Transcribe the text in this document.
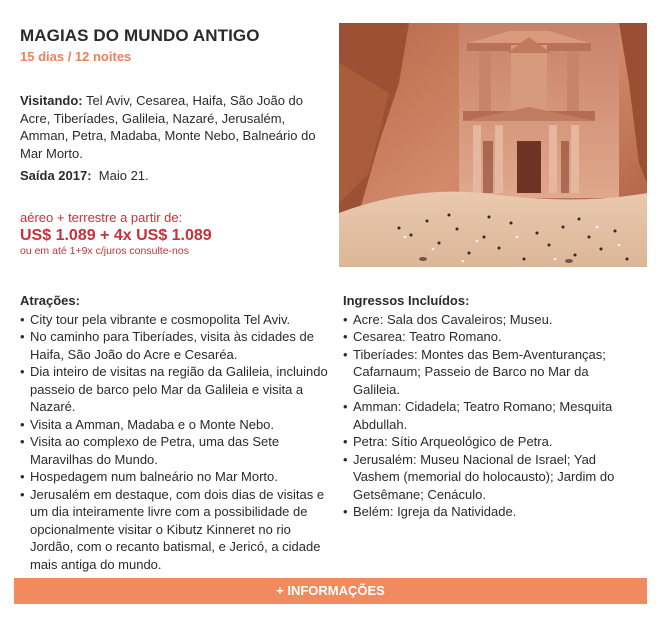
MAGIAS DO MUNDO ANTIGO
15 dias / 12 noites
Visitando: Tel Aviv, Cesarea, Haifa, São João do Acre, Tiberíades, Galileia, Nazaré, Jerusalém, Amman, Petra, Madaba, Monte Nebo, Balneário do Mar Morto.
Saída 2017: Maio 21.
aéreo + terrestre a partir de:
US$ 1.089 + 4x US$ 1.089
ou em até 1+9x c/juros consulte-nos
Atrações:
• City tour pela vibrante e cosmopolita Tel Aviv.
• No caminho para Tiberíades, visita às cidades de Haifa, São João do Acre e Cesaréa.
• Dia inteiro de visitas na região da Galileia, incluindo passeio de barco pelo Mar da Galileia e visita a Nazaré.
• Visita a Amman, Madaba e o Monte Nebo.
• Visita ao complexo de Petra, uma das Sete Maravilhas do Mundo.
• Hospedagem num balneário no Mar Morto.
• Jerusalém em destaque, com dois dias de visitas e um dia inteiramente livre com a possibilidade de opcionalmente visitar o Kibutz Kinneret no rio Jordão, com o recanto batismal, e Jericó, a cidade mais antiga do mundo.
Ingressos Incluídos:
• Acre: Sala dos Cavaleiros; Museu.
• Cesarea: Teatro Romano.
• Tiberíades: Montes das Bem-Aventuranças; Cafarnaum; Passeio de Barco no Mar da Galileia.
• Amman: Cidadela; Teatro Romano; Mesquita Abdullah.
• Petra: Sítio Arqueológico de Petra.
• Jerusalém: Museu Nacional de Israel; Yad Vashem (memorial do holocausto); Jardim do Getsêmane; Cenáculo.
• Belém: Igreja da Natividade.
+ INFORMAÇÕES
